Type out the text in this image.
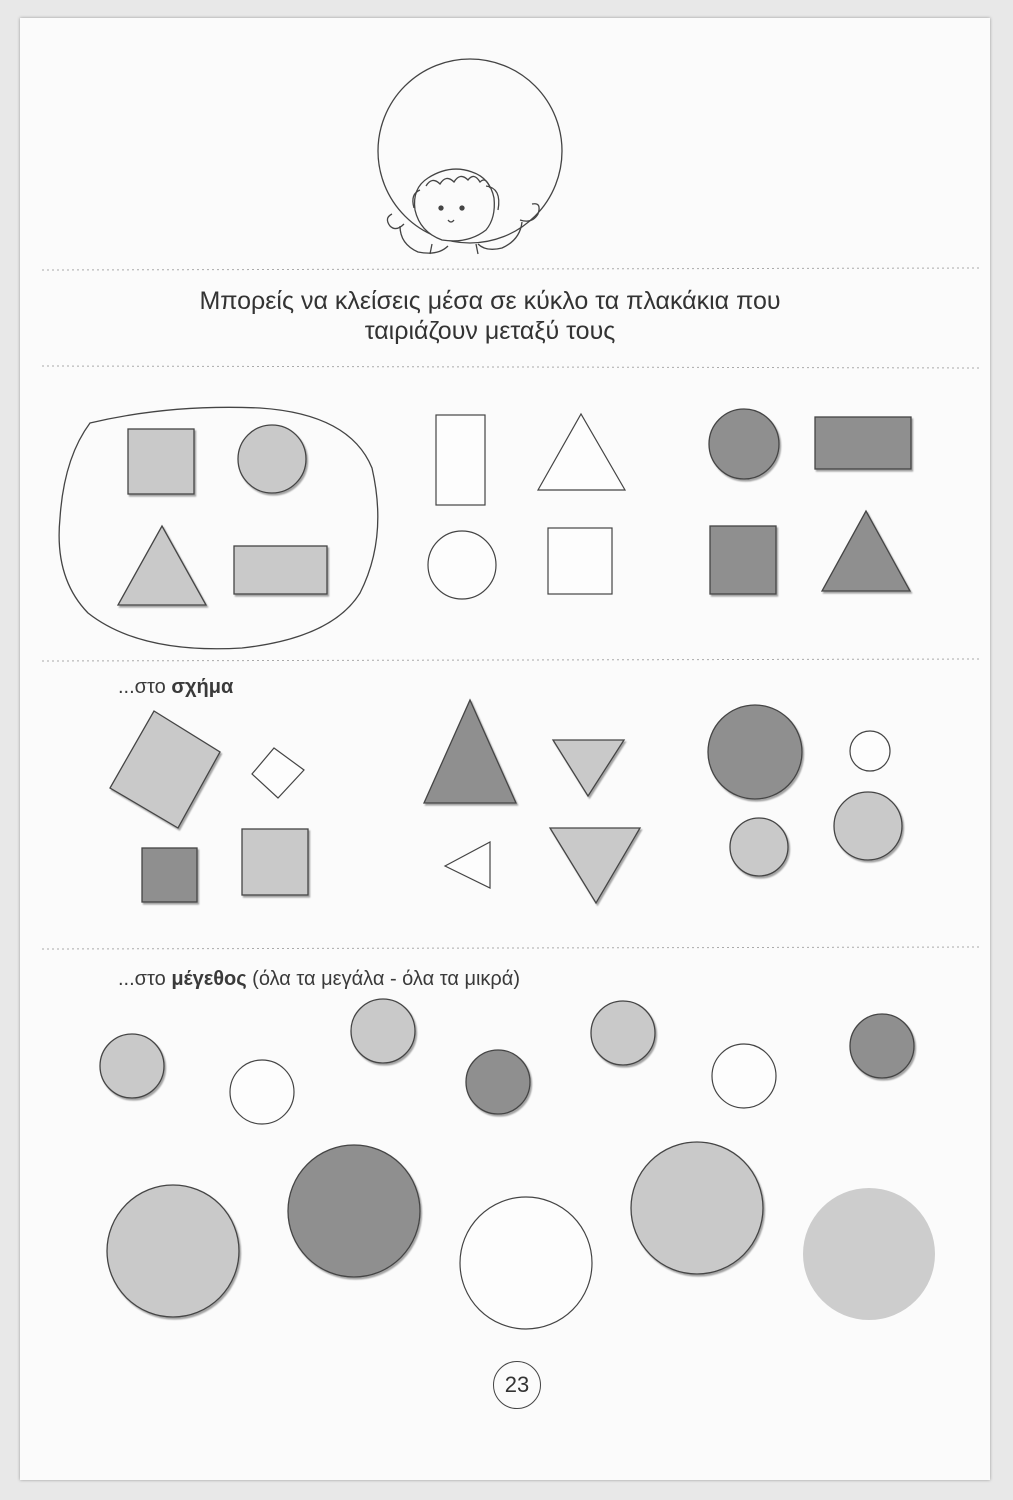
Μπορείς να κλείσεις μέσα σε κύκλο τα πλακάκια που ταιριάζουν μεταξύ τους
...στο σχήμα
...στο μέγεθος (όλα τα μεγάλα - όλα τα μικρά)
23
